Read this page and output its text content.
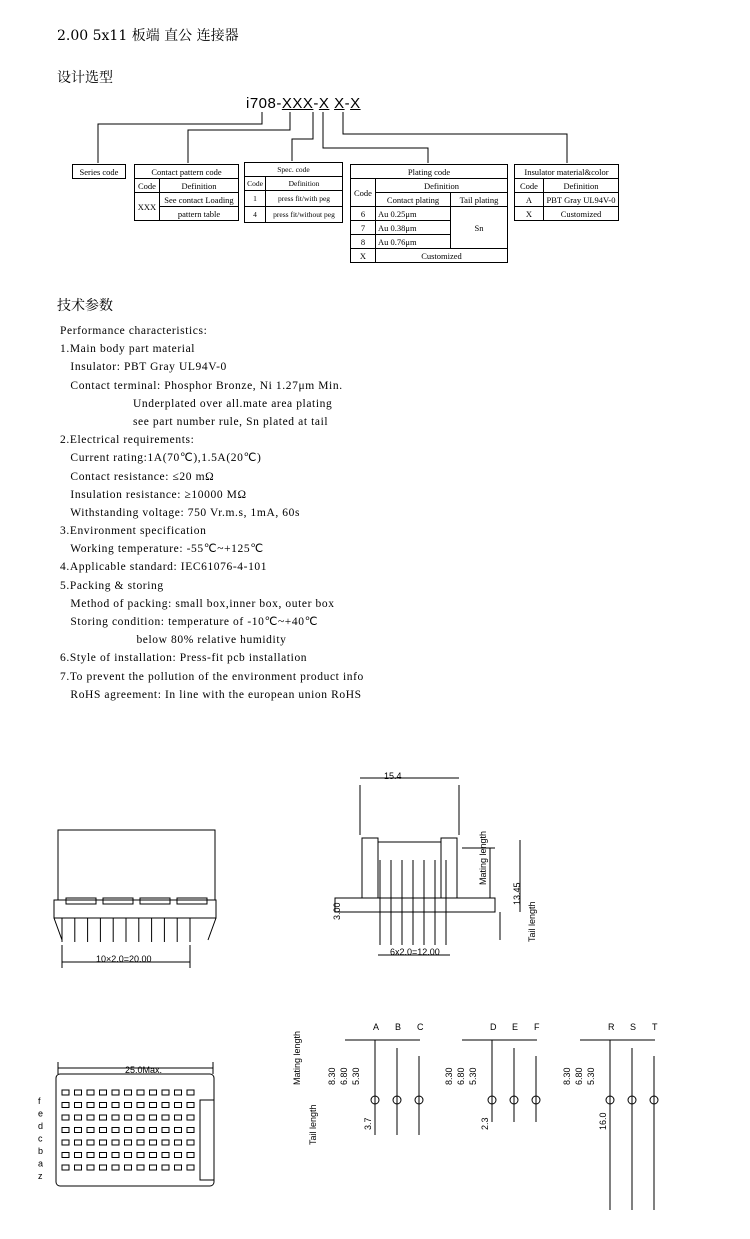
2.00 5x11 板端 直公 连接器
设计选型
技术参数
i708-XXX-X X-X
Series code	Contact pattern code	
Code	Definition
XXX	See contact Loading
	pattern table
Spec. code	
Code	Definition
1	press fit/with peg
4	press fit/without peg
Plating code		
Code	Definition	
	Contact plating	Tail plating
6	Au 0.25μm	Sn
7	Au 0.38μm	
8	Au 0.76μm	
X	Customized	
Insulator material&color	
Code	Definition
A	PBT Gray UL94V-0
X	Customized
Performance characteristics:
1.Main body part material
Insulator: PBT Gray UL94V-0
Contact terminal: Phosphor Bronze, Ni 1.27μm Min.
Underplated over all.mate area plating
see part number rule, Sn plated at tail
2.Electrical requirements:
Current rating:1A(70℃),1.5A(20℃)
Contact resistance: ≤20 mΩ
Insulation resistance: ≥10000 MΩ
Withstanding voltage: 750 Vr.m.s, 1mA, 60s
3.Environment specification
Working temperature: -55℃~+125℃
4.Applicable standard: IEC61076-4-101
5.Packing & storing
Method of packing: small box,inner box, outer box
Storing condition: temperature of -10℃~+40℃
below 80% relative humidity
6.Style of installation: Press-fit pcb installation
7.To prevent the pollution of the environment product info
RoHS agreement: In line with the european union RoHS
15.4
10×2.0=20.00
6x2.0=12.00
25.0Max.
13.45
3.00
Mating length
Tail length
Mating length
Tail length
f
e
d
c
b
a
z
A B C
8.30 6.80 5.30
3.7
D E F
8.30 6.80 5.30
2.3
R S T
8.30 6.80 5.30
16.0
